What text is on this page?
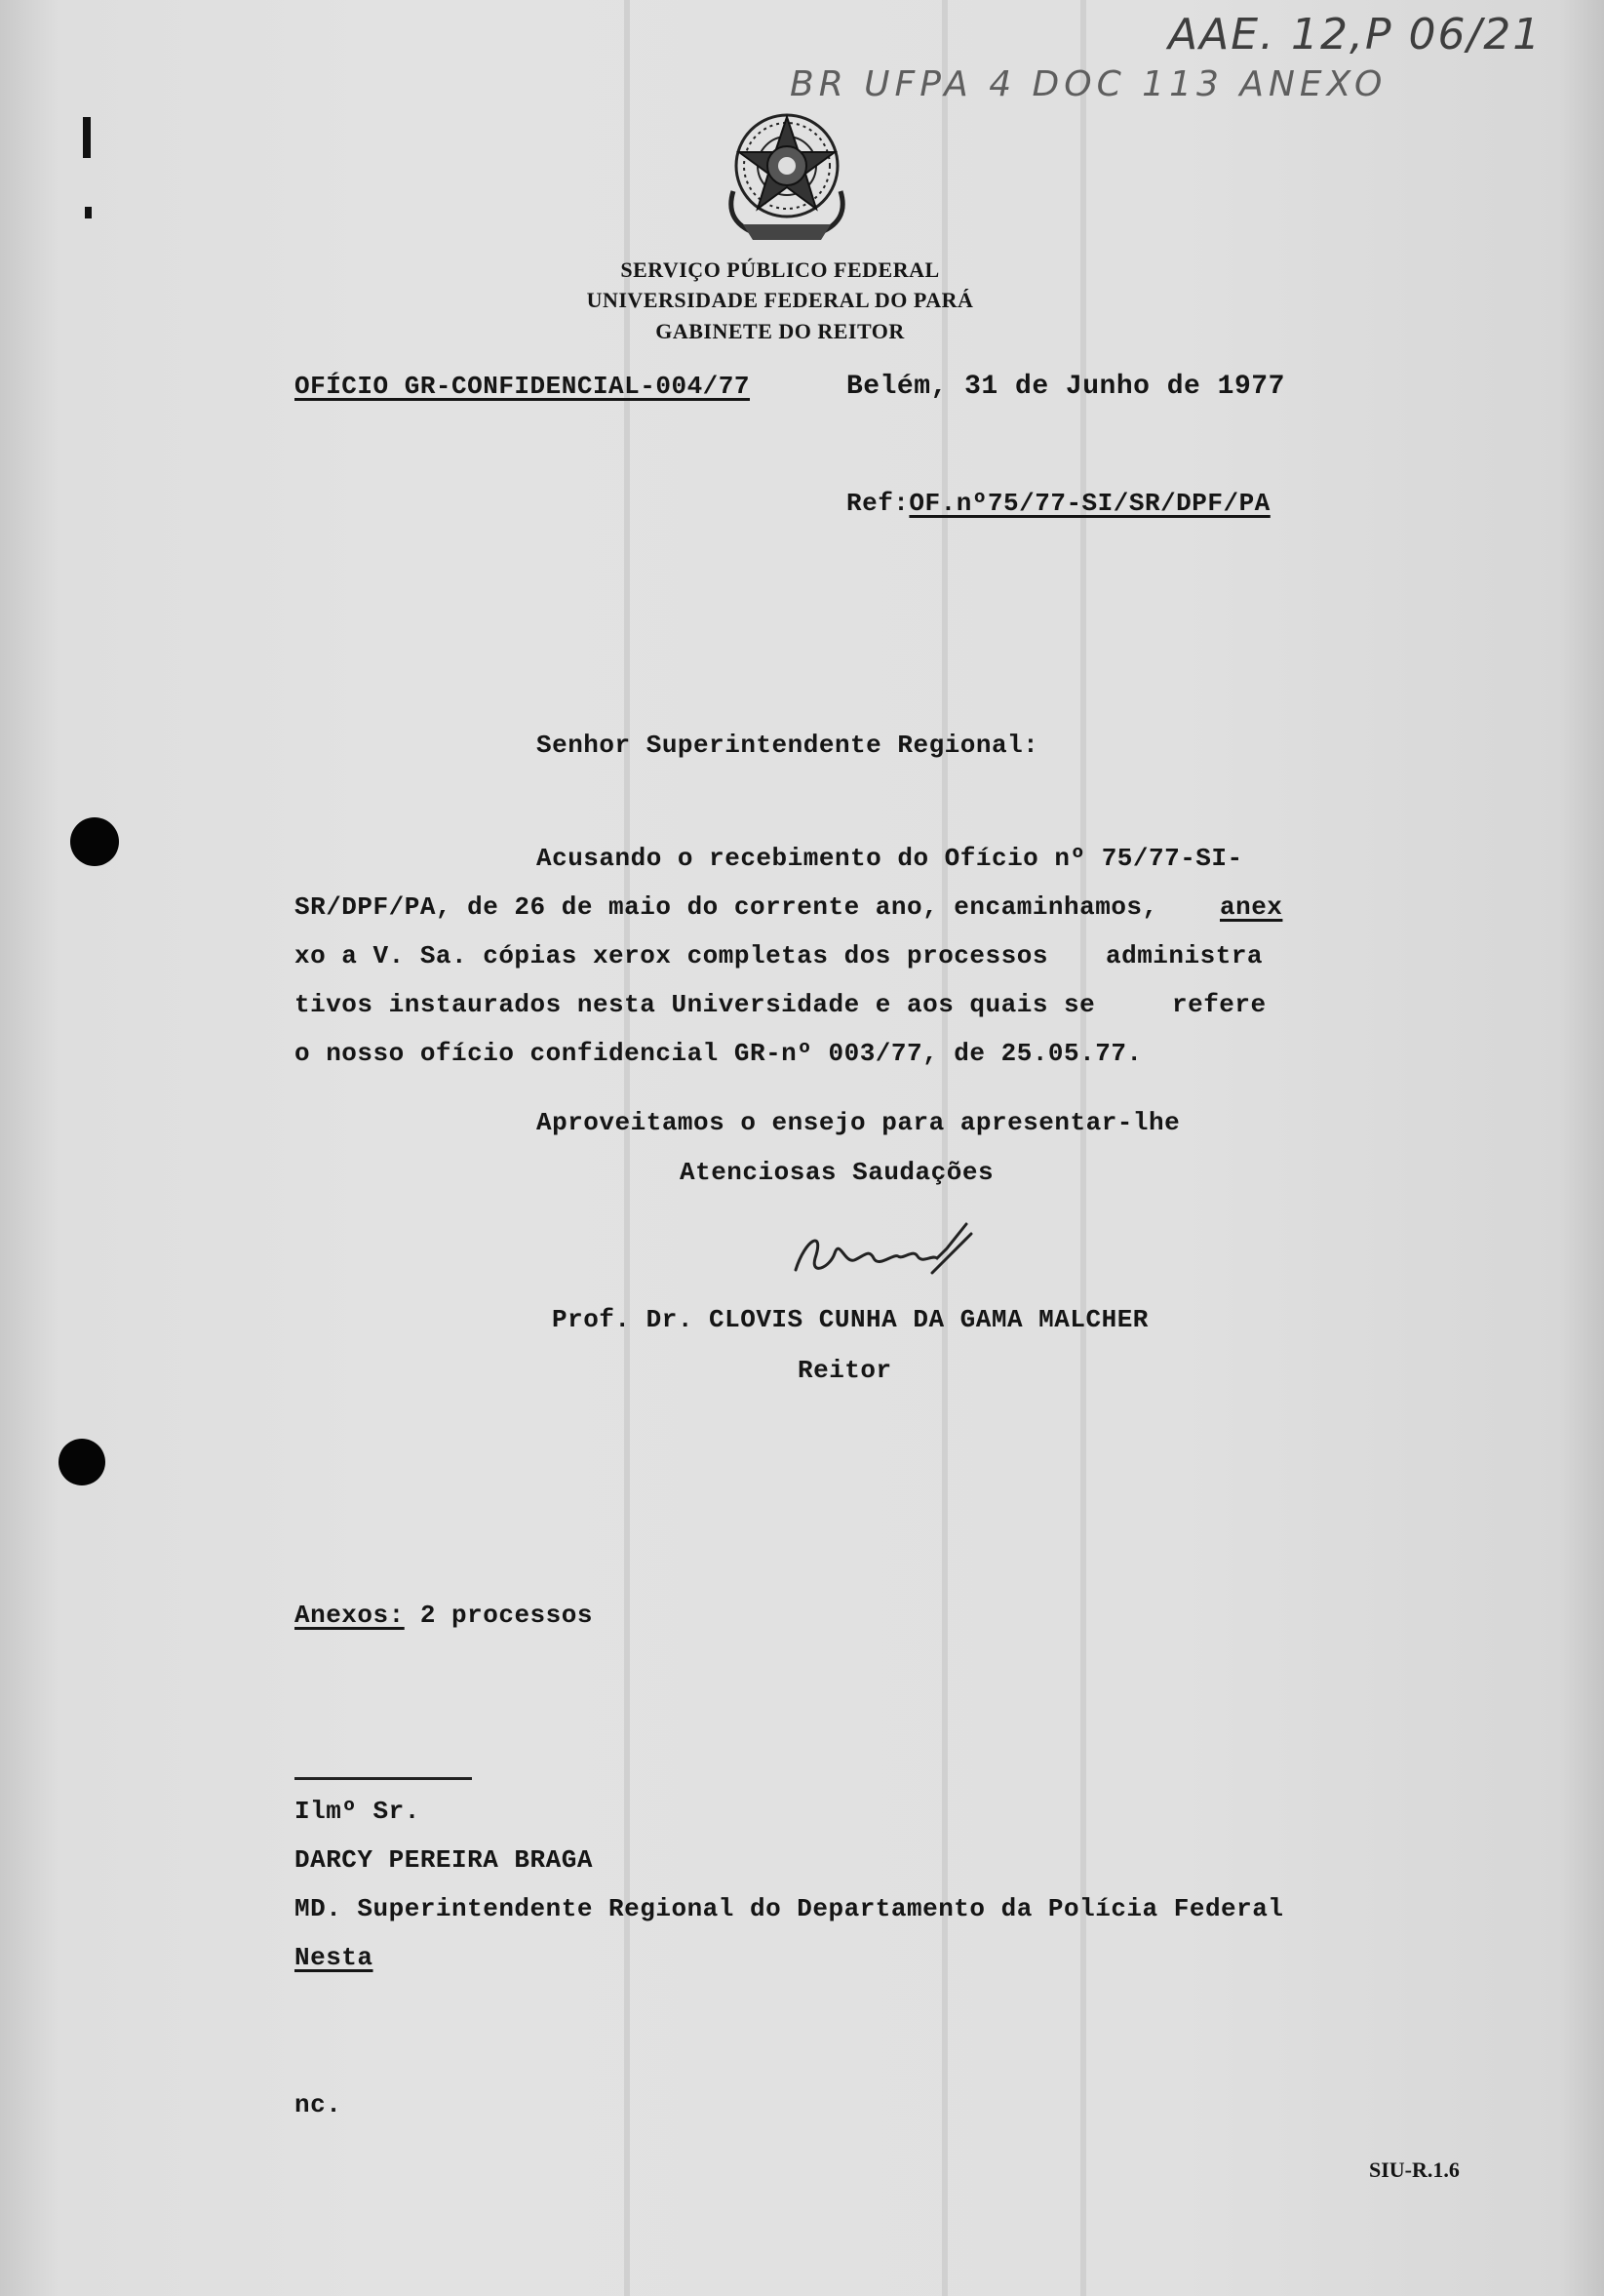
AAE. 12,P 06/21
BR UFPA 4 DOC 113 ANEXO
SERVIÇO PÚBLICO FEDERAL
UNIVERSIDADE FEDERAL DO PARÁ
GABINETE DO REITOR
OFÍCIO GR-CONFIDENCIAL-004/77	Belém, 31 de Junho de 1977
Ref:OF.nº75/77-SI/SR/DPF/PA
Senhor Superintendente Regional:
Acusando o recebimento do Ofício nº 75/77-SI-
SR/DPF/PA, de 26 de maio do corrente ano, encaminhamos, anex
xo a V. Sa. cópias xerox completas dos processos administra
tivos instaurados nesta Universidade e aos quais se	refere
o nosso ofício confidencial GR-nº 003/77, de 25.05.77.
Aproveitamos o ensejo para apresentar-lhe
Atenciosas Saudações
Prof. Dr. CLOVIS CUNHA DA GAMA MALCHER
Reitor
Anexos: 2 processos
Ilmº Sr.
DARCY PEREIRA BRAGA
MD. Superintendente Regional do Departamento da Polícia Federal
Nesta
nc.
SIU-R.1.6
